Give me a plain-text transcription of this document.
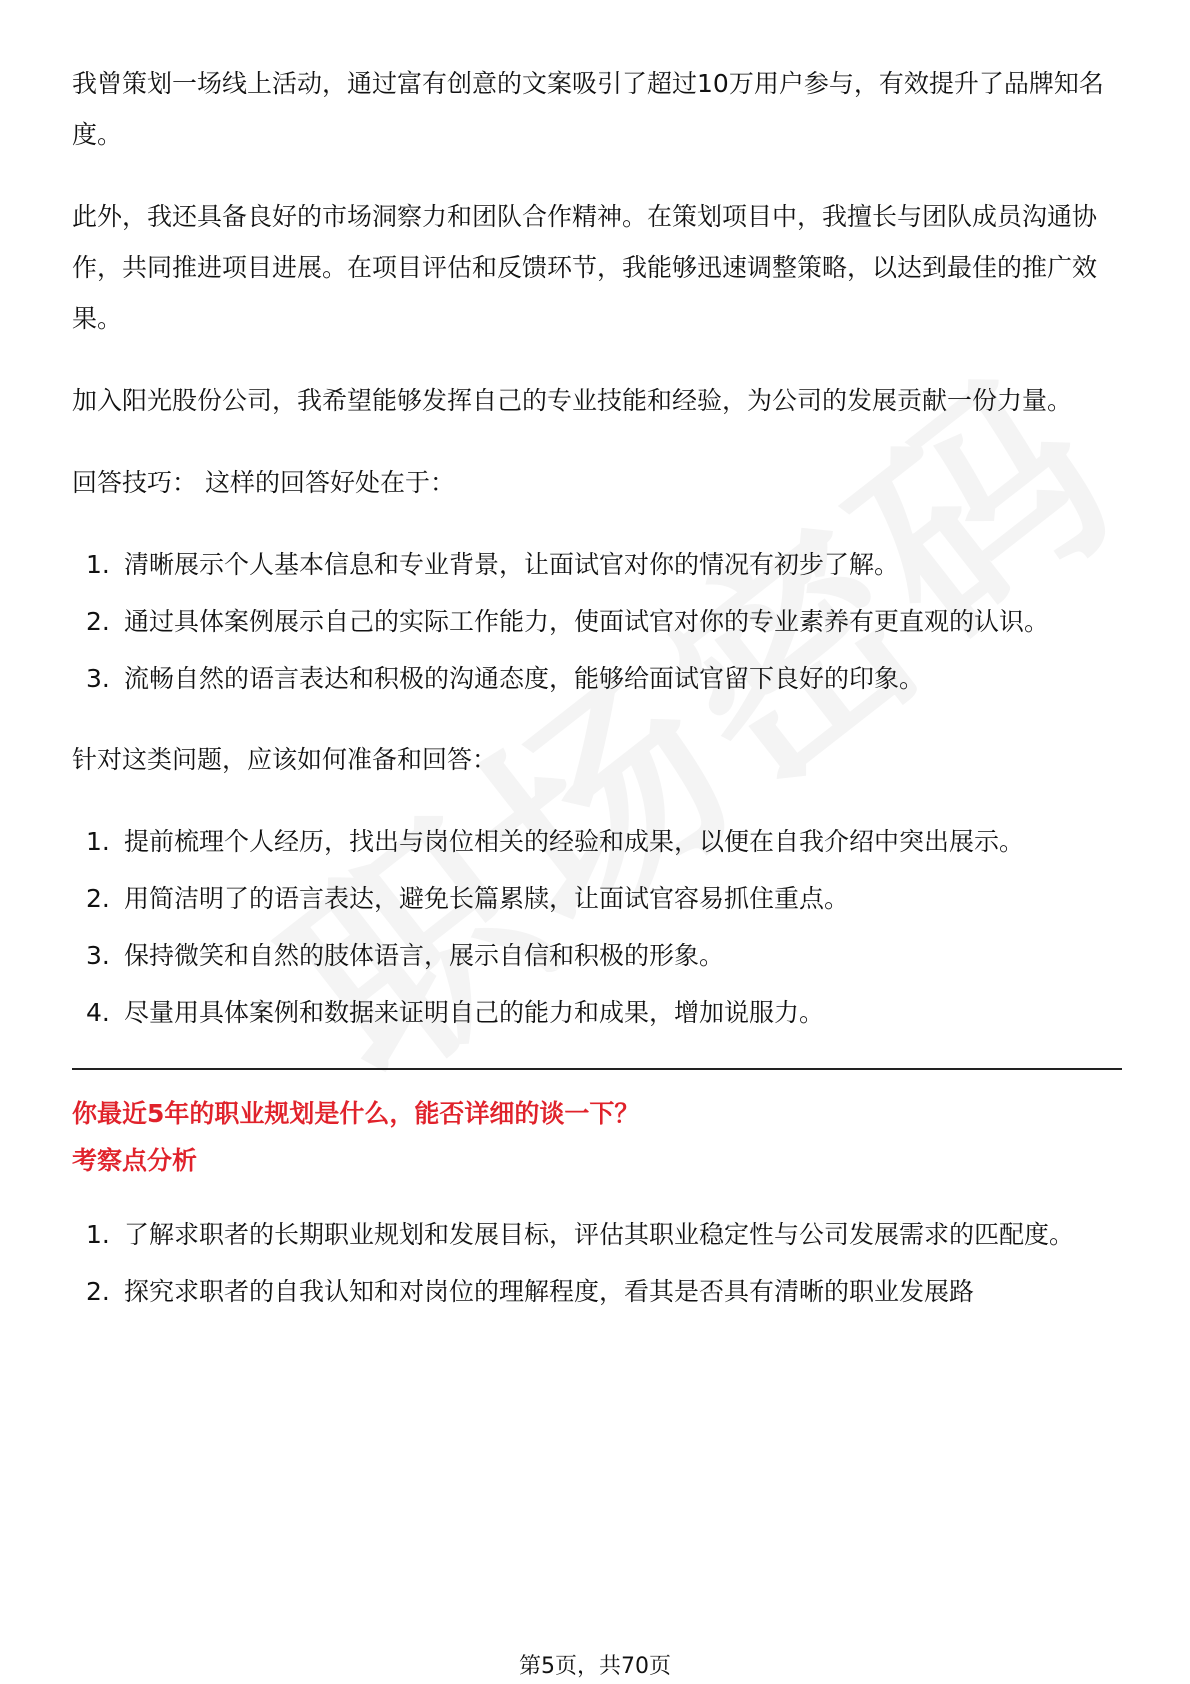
我曾策划一场线上活动，通过富有创意的文案吸引了超过10万用户参与，有效提升了品牌知名度。

此外，我还具备良好的市场洞察力和团队合作精神。在策划项目中，我擅长与团队成员沟通协作，共同推进项目进展。在项目评估和反馈环节，我能够迅速调整策略，以达到最佳的推广效果。

加入阳光股份公司，我希望能够发挥自己的专业技能和经验，为公司的发展贡献一份力量。

回答技巧： 这样的回答好处在于：

1. 清晰展示个人基本信息和专业背景，让面试官对你的情况有初步了解。
2. 通过具体案例展示自己的实际工作能力，使面试官对你的专业素养有更直观的认识。
3. 流畅自然的语言表达和积极的沟通态度，能够给面试官留下良好的印象。

针对这类问题，应该如何准备和回答：

1. 提前梳理个人经历，找出与岗位相关的经验和成果，以便在自我介绍中突出展示。
2. 用简洁明了的语言表达，避免长篇累牍，让面试官容易抓住重点。
3. 保持微笑和自然的肢体语言，展示自信和积极的形象。
4. 尽量用具体案例和数据来证明自己的能力和成果，增加说服力。

你最近5年的职业规划是什么，能否详细的谈一下？

考察点分析

1. 了解求职者的长期职业规划和发展目标，评估其职业稳定性与公司发展需求的匹配度。
2. 探究求职者的自我认知和对岗位的理解程度，看其是否具有清晰的职业发展路
第5页，共70页
